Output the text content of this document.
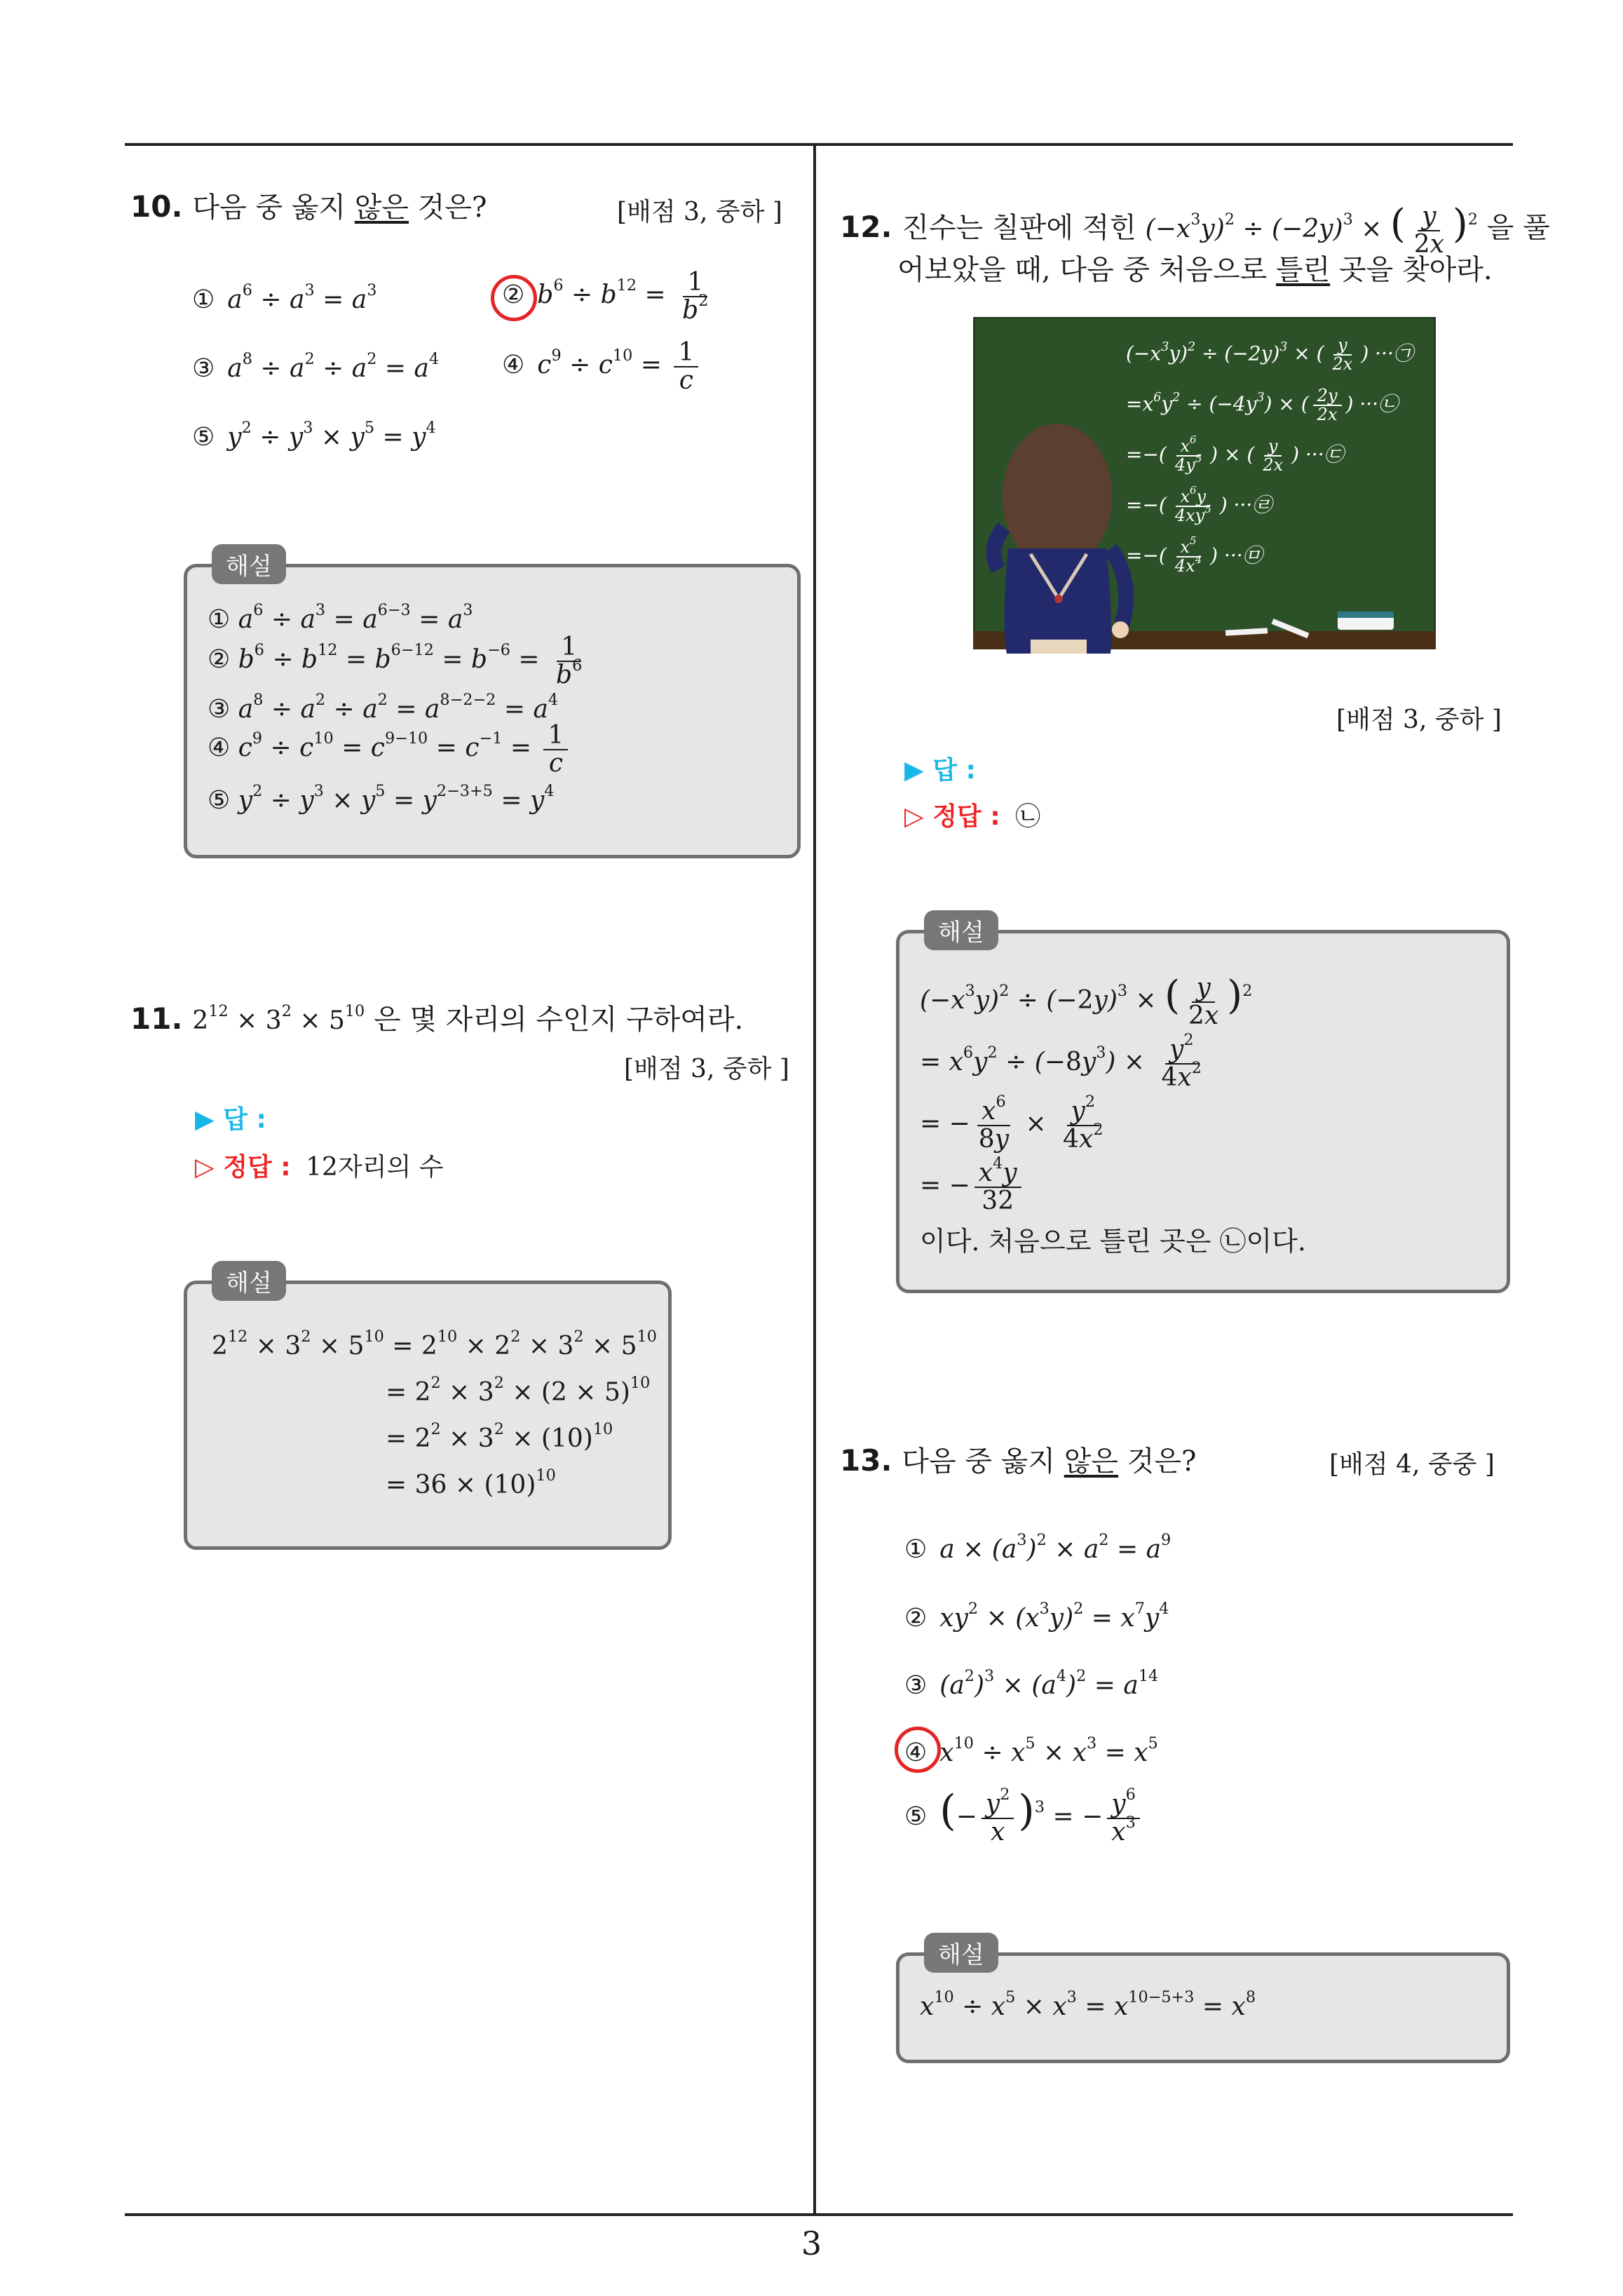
3
10. 다음 중 옳지 않은 것은?	[배점 3, 중하 ]
① $a^6 \div a^3 = a^3$	② $b^6 \div b^{12} = \frac{1}{b^2}$
③ $a^8 \div a^2 \div a^2 = a^4$ ④ $c^9 \div c^{10} = \frac{1}{c}$
⑤ $y^2 \div y^3 \times y^5 = y^4$
해설
① $a^6 \div a^3 = a^{6-3} = a^3$
② $b^6 \div b^{12} = b^{6-12} = b^{-6} = \frac{1}{b^6}$
③ $a^8 \div a^2 \div a^2 = a^{8-2-2} = a^4$
④ $c^9 \div c^{10} = c^{9-10} = c^{-1} = \frac{1}{c}$
⑤ $y^2 \div y^3 \times y^5 = y^{2-3+5} = y^4$
11. $2^{12} \times 3^2 \times 5^{10}$ 은 몇 자리의 수인지 구하여라.
[배점 3, 중하 ]
▶ 답 :
▷ 정답 : 12자리의 수
해설
$2^{12} \times 3^2 \times 5^{10} = 2^{10} \times 2^2 \times 3^2 \times 5^{10}$
= $2^2 \times 3^2 \times (2 \times 5)^{10}$
= $2^2 \times 3^2 \times (10)^{10}$
= $36 \times (10)^{10}$
12. 진수는 칠판에 적힌 $(-x^3y)^2 \div (-2y)^3$ × ( $\frac{y}{2x} )^2$ 을 풀
어보았을 때, 다음 중 처음으로 틀린 곳을 찾아라.
$(-x^3y)^2 \div (-2y)^3$ × ( $\frac{y}{2x}$ ) ···㉠
$=x^6y^2 \div (-4y^3)$ × ( $\frac{2y}{2x}$ ) ···㉡
=−( $\frac{x^6}{4y^5}$ ) × ( $\frac{y}{2x}$ ) ···㉢
=−( $\frac{x^6y}{4xy^5}$ ) ···㉣
=−( $\frac{x^5}{4x^4}$ ) ···㉤
[배점 3, 중하 ]
▶ 답 :
▷ 정답 : ㉡
해설
$(-x^3y)^2 \div (-2y)^3$ × ( $\frac{y}{2x} )^2$
= $x^6y^2 \div (-8y^3) \times \frac{y^2}{4x^2}$
= − $\frac{x^6}{8y} \times \frac{y^2}{4x^2}$
= − $\frac{x^4y}{32}$
이다. 처음으로 틀린 곳은 ㉡이다.
13. 다음 중 옳지 않은 것은?	[배점 4, 중중 ]
① $a \times (a^3)^2 \times a^2 = a^9$
② $xy^2 \times (x^3y)^2 = x^7y^4$
③ $(a^2)^3 \times (a^4)^2 = a^{14}$
④ $x^{10} \div x^5 \times x^3 = x^5$
⑤ (− $\frac{y^2}{x} )^3$ = − $\frac{y^6}{x^3}$
해설
$x^{10} \div x^5 \times x^3 = x^{10-5+3} = x^8$
